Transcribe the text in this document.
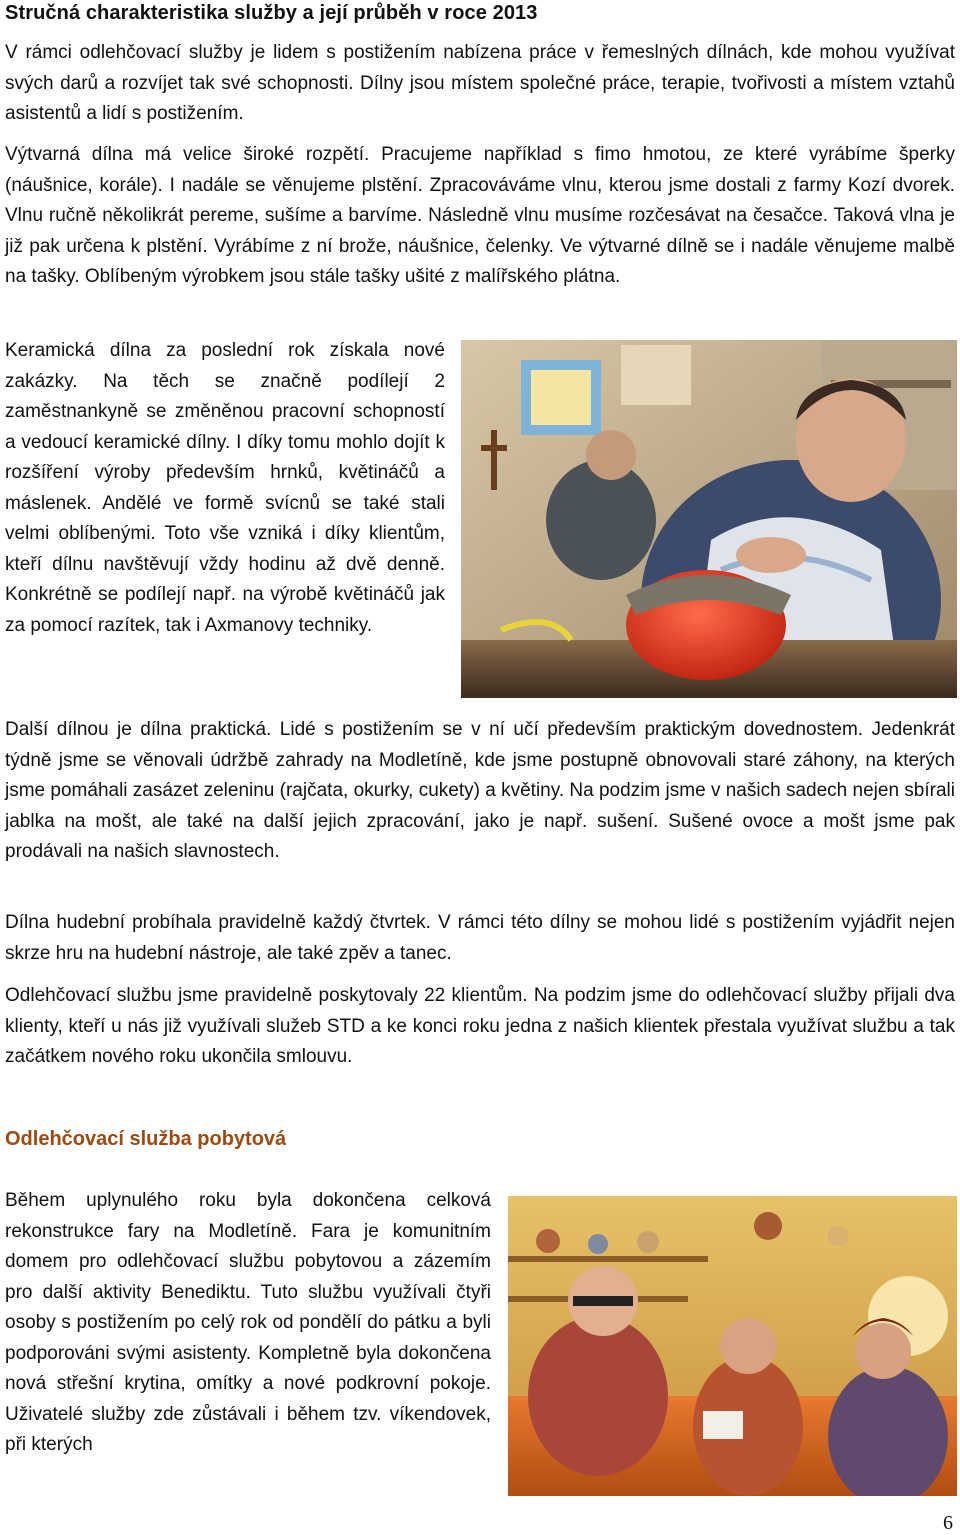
Stručná charakteristika služby a její průběh v roce 2013

V rámci odlehčovací služby je lidem s postižením nabízena práce v řemeslných dílnách, kde mohou využívat svých darů a rozvíjet tak své schopnosti. Dílny jsou místem společné práce, terapie, tvořivosti a místem vztahů asistentů a lidí s postižením.

Výtvarná dílna má velice široké rozpětí. Pracujeme například s fimo hmotou, ze které vyrábíme šperky (náušnice, korále). I nadále se věnujeme plstění. Zpracováváme vlnu, kterou jsme dostali z farmy Kozí dvorek. Vlnu ručně několikrát pereme, sušíme a barvíme. Následně vlnu musíme rozčesávat na česačce. Taková vlna je již pak určena k plstění. Vyrábíme z ní brože, náušnice, čelenky. Ve výtvarné dílně se i nadále věnujeme malbě na tašky. Oblíbeným výrobkem jsou stále tašky ušité z malířského plátna.

Keramická dílna za poslední rok získala nové zakázky. Na těch se značně podílejí 2 zaměstnankyně se změněnou pracovní schopností a vedoucí keramické dílny. I díky tomu mohlo dojít k rozšíření výroby především hrnků, květináčů a máslenek. Andělé ve formě svícnů se také stali velmi oblíbenými. Toto vše vzniká i díky klientům, kteří dílnu navštěvují vždy hodinu až dvě denně. Konkrétně se podílejí např. na výrobě květináčů jak za pomocí razítek, tak i Axmanovy techniky.

Další dílnou je dílna praktická. Lidé s postižením se v ní učí především praktickým dovednostem. Jedenkrát týdně jsme se věnovali údržbě zahrady na Modletíně, kde jsme postupně obnovovali staré záhony, na kterých jsme pomáhali zasázet zeleninu (rajčata, okurky, cukety) a květiny. Na podzim jsme v našich sadech nejen sbírali jablka na mošt, ale také na další jejich zpracování, jako je např. sušení. Sušené ovoce a mošt jsme pak prodávali na našich slavnostech.

Dílna hudební probíhala pravidelně každý čtvrtek. V rámci této dílny se mohou lidé s postižením vyjádřit nejen skrze hru na hudební nástroje, ale také zpěv a tanec.

Odlehčovací službu jsme pravidelně poskytovaly 22 klientům. Na podzim jsme do odlehčovací služby přijali dva klienty, kteří u nás již využívali služeb STD a ke konci roku jedna z našich klientek přestala využívat službu a tak začátkem nového roku ukončila smlouvu.

Odlehčovací služba pobytová

Během uplynulého roku byla dokončena celková rekonstrukce fary na Modletíně. Fara je komunitním domem pro odlehčovací službu pobytovou a zázemím pro další aktivity Benediktu. Tuto službu využívali čtyři osoby s postižením po celý rok od pondělí do pátku a byli podporováni svými asistenty. Kompletně byla dokončena nová střešní krytina, omítky a nové podkrovní pokoje. Uživatelé služby zde zůstávali i během tzv. víkendovek, při kterých

6
